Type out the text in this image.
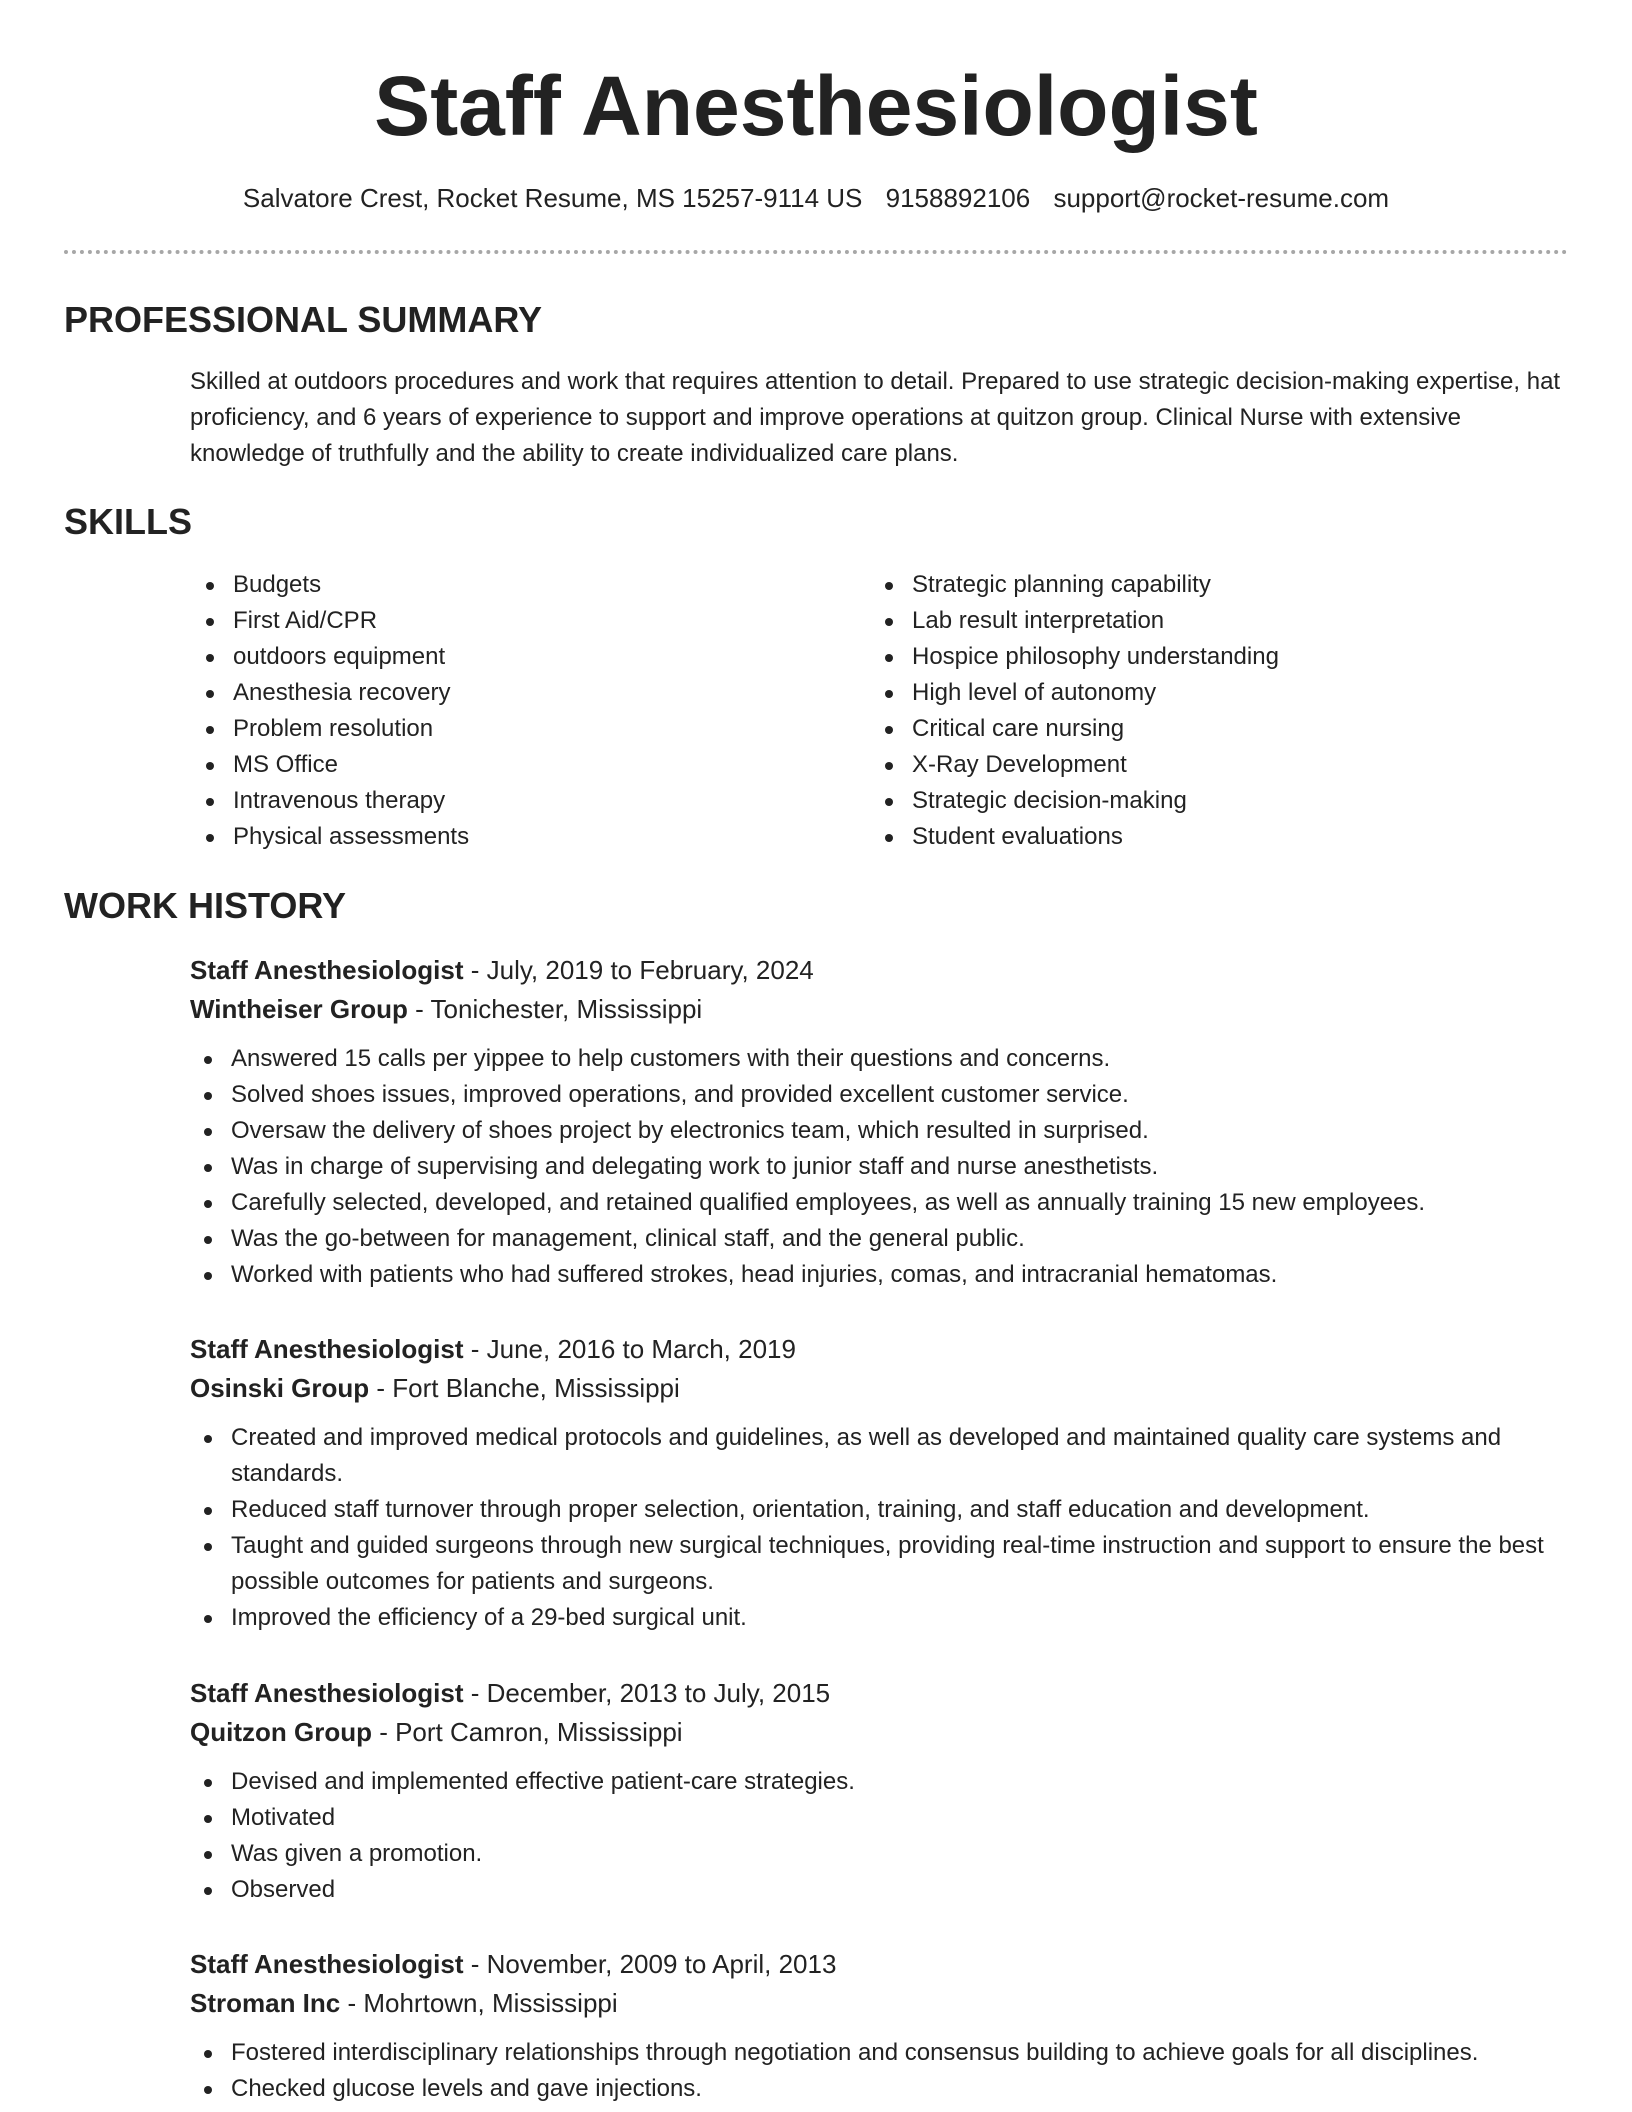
Staff Anesthesiologist
Salvatore Crest, Rocket Resume, MS 15257-9114 US 9158892106 support@rocket-resume.com
PROFESSIONAL SUMMARY

Skilled at outdoors procedures and work that requires attention to detail. Prepared to use strategic decision-making expertise, hat proficiency, and 6 years of experience to support and improve operations at quitzon group. Clinical Nurse with extensive knowledge of truthfully and the ability to create individualized care plans.

SKILLS
Budgets
First Aid/CPR
outdoors equipment
Anesthesia recovery
Problem resolution
MS Office
Intravenous therapy
Physical assessments
Strategic planning capability
Lab result interpretation
Hospice philosophy understanding
High level of autonomy
Critical care nursing
X-Ray Development
Strategic decision-making
Student evaluations
WORK HISTORY
Staff Anesthesiologist - July, 2019 to February, 2024
Wintheiser Group - Tonichester, Mississippi
Answered 15 calls per yippee to help customers with their questions and concerns.
Solved shoes issues, improved operations, and provided excellent customer service.
Oversaw the delivery of shoes project by electronics team, which resulted in surprised.
Was in charge of supervising and delegating work to junior staff and nurse anesthetists.
Carefully selected, developed, and retained qualified employees, as well as annually training 15 new employees.
Was the go-between for management, clinical staff, and the general public.
Worked with patients who had suffered strokes, head injuries, comas, and intracranial hematomas.
Staff Anesthesiologist - June, 2016 to March, 2019
Osinski Group - Fort Blanche, Mississippi
Created and improved medical protocols and guidelines, as well as developed and maintained quality care systems and standards.
Reduced staff turnover through proper selection, orientation, training, and staff education and development.
Taught and guided surgeons through new surgical techniques, providing real-time instruction and support to ensure the best possible outcomes for patients and surgeons.
Improved the efficiency of a 29-bed surgical unit.
Staff Anesthesiologist - December, 2013 to July, 2015
Quitzon Group - Port Camron, Mississippi
Devised and implemented effective patient-care strategies.
Motivated
Was given a promotion.
Observed
Staff Anesthesiologist - November, 2009 to April, 2013
Stroman Inc - Mohrtown, Mississippi
Fostered interdisciplinary relationships through negotiation and consensus building to achieve goals for all disciplines.
Checked glucose levels and gave injections.
